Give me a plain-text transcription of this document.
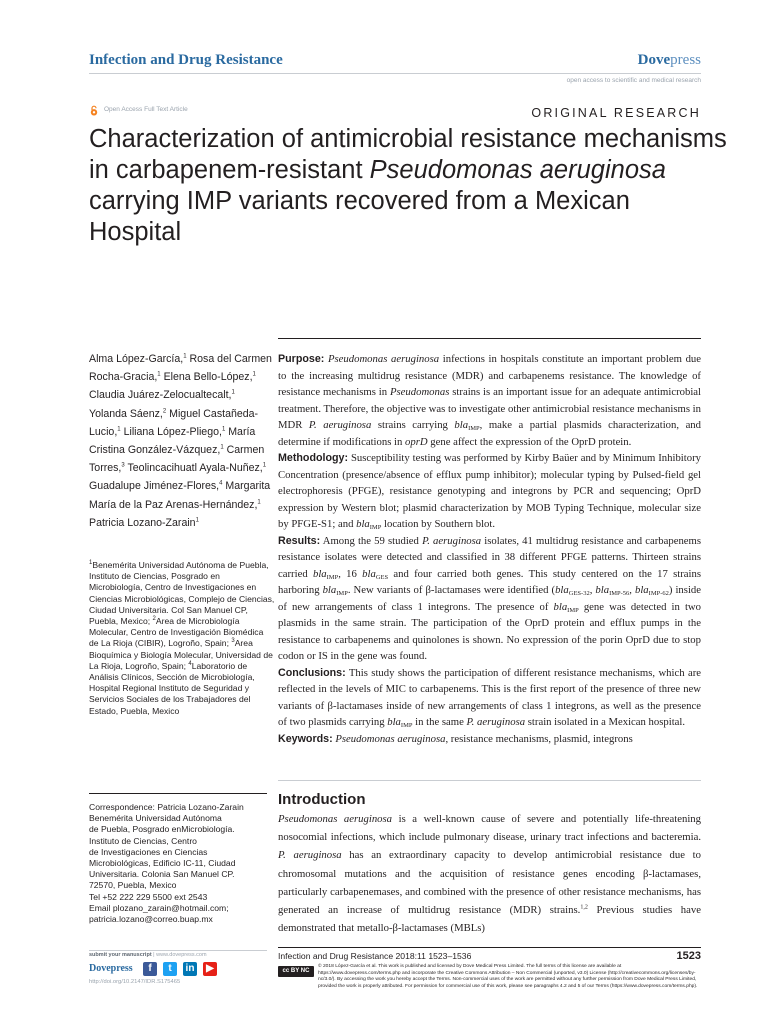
Infection and Drug Resistance	Dovepress
open access to scientific and medical research
Open Access Full Text Article	ORIGINAL RESEARCH
Characterization of antimicrobial resistance mechanisms in carbapenem-resistant Pseudomonas aeruginosa carrying IMP variants recovered from a Mexican Hospital
Alma López-García,$^1$ Rosa del Carmen Rocha-Gracia,$^1$ Elena Bello-López,$^1$ Claudia Juárez-Zelocualtecalt,$^1$ Yolanda Sáenz,$^2$ Miguel Castañeda-Lucio,$^1$ Liliana López-Pliego,$^1$ María Cristina González-Vázquez,$^1$ Carmen Torres,$^3$ Teolincacihuatl Ayala-Nuñez,$^1$ Guadalupe Jiménez-Flores,$^4$ Margarita María de la Paz Arenas-Hernández,$^1$ Patricia Lozano-Zarain$^1$
$^1$Benemérita Universidad Autónoma de Puebla, Instituto de Ciencias, Posgrado en Microbiología, Centro de Investigaciones en Ciencias Microbiológicas, Complejo de Ciencias, Ciudad Universitaria. Col San Manuel CP, Puebla, Mexico; $^2$Area de Microbiología Molecular, Centro de Investigación Biomédica de La Rioja (CIBIR), Logroño, Spain; $^3$Area Bioquímica y Biología Molecular, Universidad de La Rioja, Logroño, Spain; $^4$Laboratorio de Análisis Clínicos, Sección de Microbiología, Hospital Regional Instituto de Seguridad y Servicios Sociales de los Trabajadores del Estado, Puebla, Mexico
Correspondence: Patricia Lozano-Zarain
Benemérita Universidad Autónoma
de Puebla, Posgrado enMicrobiología.
Instituto de Ciencias, Centro
de Investigaciones en Ciencias
Microbiológicas, Edificio IC-11, Ciudad
Universitaria. Colonia San Manuel CP.
72570, Puebla, Mexico
Tel +52 222 229 5500 ext 2543
Email plozano_zarain@hotmail.com;
patricia.lozano@correo.buap.mx

Purpose: Pseudomonas aeruginosa infections in hospitals constitute an important problem due to the increasing multidrug resistance (MDR) and carbapenems resistance. The knowledge of resistance mechanisms in Pseudomonas strains is an important issue for an adequate antimicrobial treatment. Therefore, the objective was to investigate other antimicrobial resistance mechanisms in MDR P. aeruginosa strains carrying bla$_{IMP}$, make a partial plasmids characterization, and determine if modifications in oprD gene affect the expression of the OprD protein.

Methodology: Susceptibility testing was performed by Kirby Baüer and by Minimum Inhibitory Concentration (presence/absence of efflux pump inhibitor); molecular typing by Pulsed-field gel electrophoresis (PFGE), resistance genotyping and integrons by PCR and sequencing; OprD expression by Western blot; plasmid characterization by MOB Typing Technique, molecular size by PFGE-S1; and bla$_{IMP}$ location by Southern blot.

Results: Among the 59 studied P. aeruginosa isolates, 41 multidrug resistance and carbapenems resistance isolates were detected and classified in 38 different PFGE patterns. Thirteen strains carried bla$_{IMP}$, 16 bla$_{GES}$ and four carried both genes. This study centered on the 17 strains harboring bla$_{IMP}$. New variants of β-lactamases were identified (bla$_{GES-32}$, bla$_{IMP-56}$, bla$_{IMP-62}$) inside of new arrangements of class 1 integrons. The presence of bla$_{IMP}$ gene was detected in two plasmids in the same strain. The participation of the OprD protein and efflux pumps in the resistance to carbapenems and quinolones is shown. No expression of the porin OprD due to stop codon or IS in the gene was found.

Conclusions: This study shows the participation of different resistance mechanisms, which are reflected in the levels of MIC to carbapenems. This is the first report of the presence of three new variants of β-lactamases inside of new arrangements of class 1 integrons, as well as the presence of two plasmids carrying bla$_{IMP}$ in the same P. aeruginosa strain isolated in a Mexican hospital.

Keywords: Pseudomonas aeruginosa, resistance mechanisms, plasmid, integrons

Introduction

Pseudomonas aeruginosa is a well-known cause of severe and potentially life-threatening nosocomial infections, which include pulmonary disease, urinary tract infections and bacteremia. P. aeruginosa has an extraordinary capacity to develop antimicrobial resistance due to chromosomal mutations and the acquisition of resistance genes encoding β-lactamases, particularly carbapenemases, and combined with the presence of other resistance mechanisms, has generated an increase of multidrug resistance (MDR) strains.$^{1,2}$ Previous studies have demonstrated that metallo-β-lactamases (MBLs)

submit your manuscript | www.dovepress.com
Dovepress	f	t	in	▶
http://doi.org/10.2147/IDR.S175465
Infection and Drug Resistance 2018:11 1523–1536	1523
cc BY NC
© 2018 López-García et al. This work is published and licensed by Dove Medical Press Limited. The full terms of this license are available at https://www.dovepress.com/terms.php and incorporate the Creative Commons Attribution – Non Commercial (unported, v3.0) License (http://creativecommons.org/licenses/by-nc/3.0/). By accessing the work you hereby accept the Terms. Non-commercial uses of the work are permitted without any further permission from Dove Medical Press Limited, provided the work is properly attributed. For permission for commercial use of this work, please see paragraphs 4.2 and 5 of our Terms (https://www.dovepress.com/terms.php).
